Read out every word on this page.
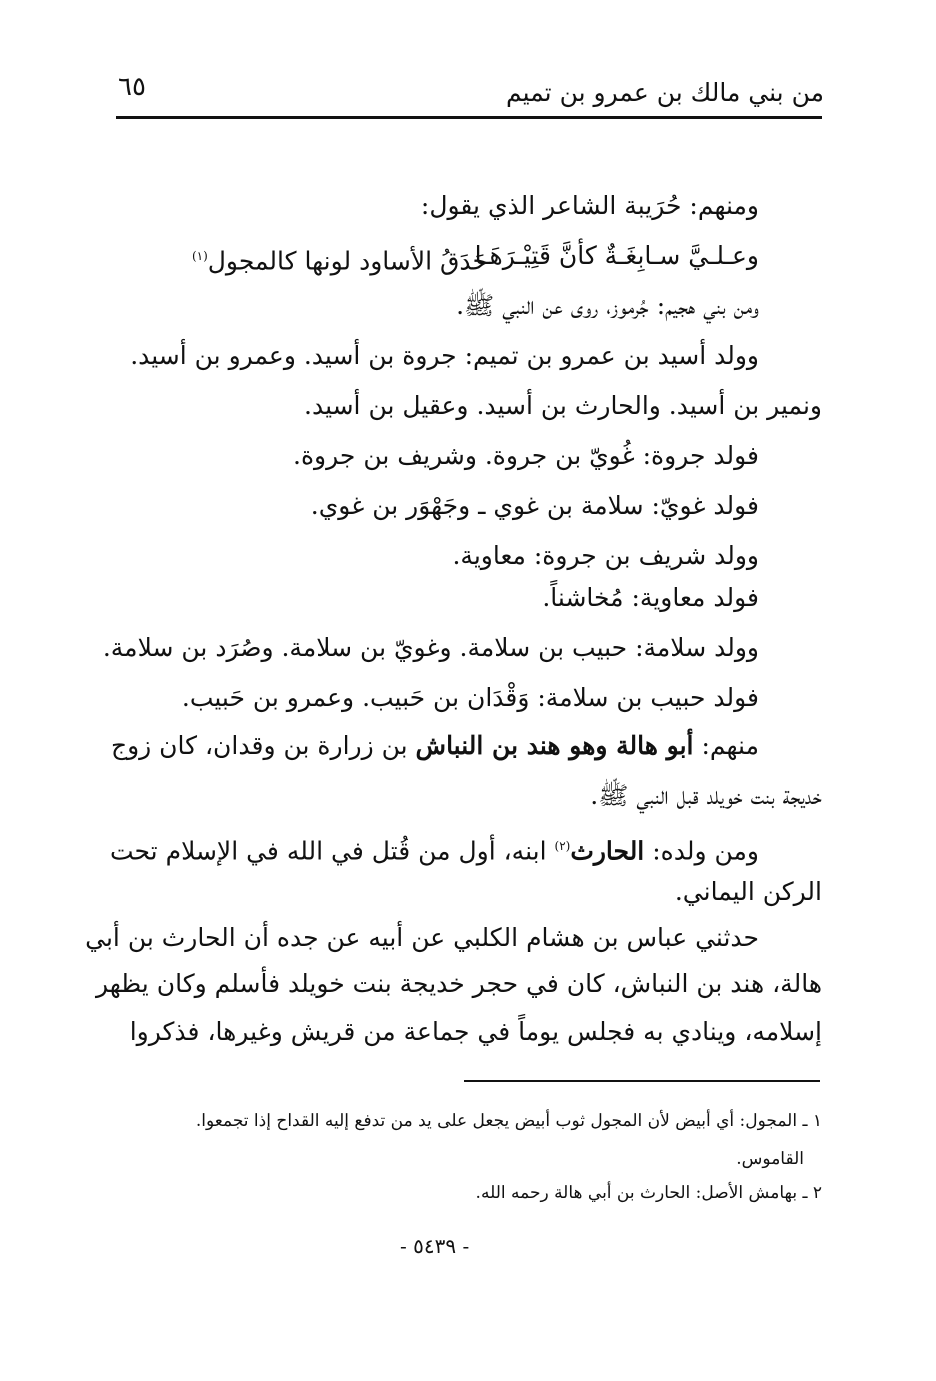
من بني مالك بن عمرو بن تميم
٦٥
ومنهم: حُرَيبة الشاعر الذي يقول:
وعـلـيَّ سـابِغَـةٌ كأنَّ قَتِيْـرَهَـا
حَدَقُ الأساود لونها كالمجول$^{(١)}$
ومن بني هجيم: جُرموز، روى عن النبي ﷺ.
وولد أسيد بن عمرو بن تميم: جروة بن أسيد. وعمرو بن أسيد.
ونمير بن أسيد. والحارث بن أسيد. وعقيل بن أسيد.
فولد جروة: غُويّ بن جروة. وشريف بن جروة.
فولد غويّ: سلامة بن غوي ـ وجَهْوَر بن غوي.
وولد شريف بن جروة: معاوية.
فولد معاوية: مُخاشناً.
وولد سلامة: حبيب بن سلامة. وغويّ بن سلامة. وصُرَد بن سلامة.
فولد حبيب بن سلامة: وَقْدَان بن حَبيب. وعمرو بن حَبيب.
منهم: أبو هالة وهو هند بن النباش بن زرارة بن وقدان، كان زوج
خديجة بنت خويلد قبل النبي ﷺ.
ومن ولده: الحارث$^{(٢)}$ ابنه، أول من قُتل في الله في الإسلام تحت
الركن اليماني.
حدثني عباس بن هشام الكلبي عن أبيه عن جده أن الحارث بن أبي
هالة، هند بن النباش، كان في حجر خديجة بنت خويلد فأسلم وكان يظهر
إسلامه، وينادي به فجلس يوماً في جماعة من قريش وغيرها، فذكروا
١ ـ المجول: أي أبيض لأن المجول ثوب أبيض يجعل على يد من تدفع إليه القداح إذا تجمعوا.
القاموس.
٢ ـ بهامش الأصل: الحارث بن أبي هالة رحمه الله.
- ٥٤٣٩ -
